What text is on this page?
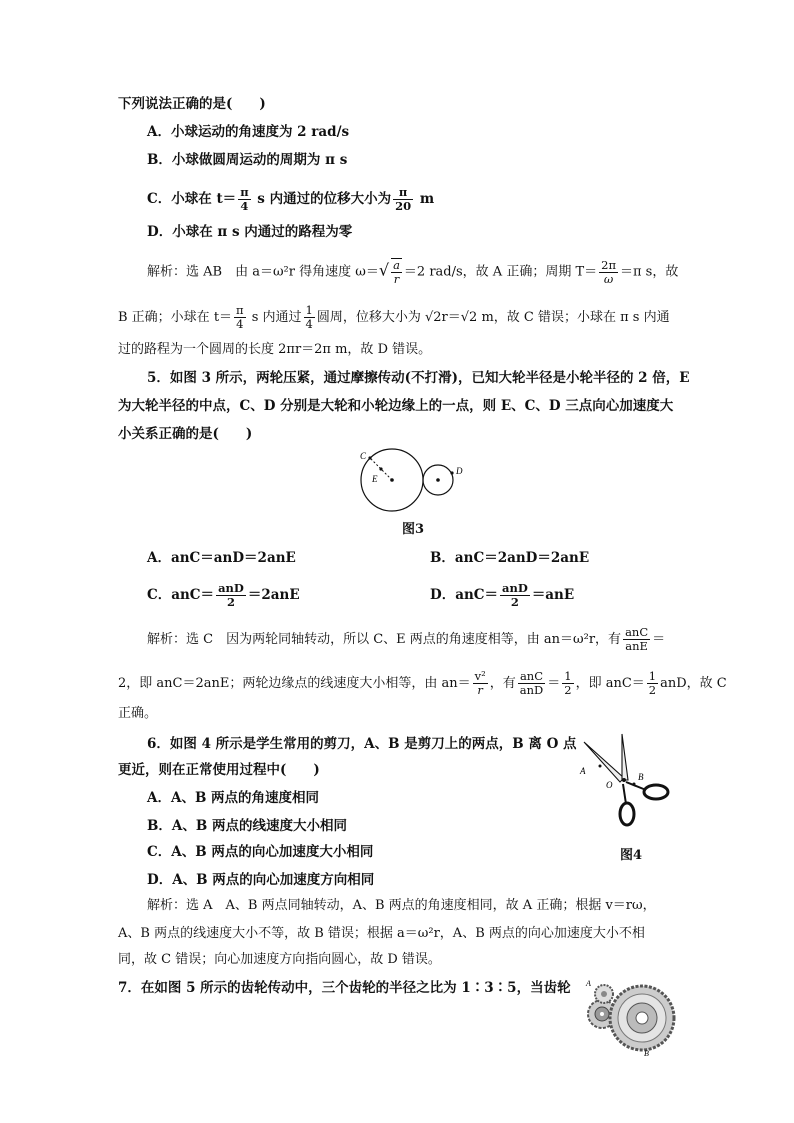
下列说法正确的是(　　)
A．小球运动的角速度为 2 rad/s
B．小球做圆周运动的周期为 π s
C．小球在 $t= \frac{\pi}{4}$ s 内通过的位移大小为 $\frac{\pi}{20}$ m
D．小球在 π s 内通过的路程为零
解析：选 AB　由 a＝ω²r 得角速度 $\omega=√ \frac{a}{r} =2$ rad/s，故 A 正确；周期 $T= \frac{2\pi}{\omega} =\pi$ s，故
B 正确；小球在 $t= \frac{\pi}{4}$ s 内通过 $\frac{1}{4}$ 圆周，位移大小为 √2r＝√2 m，故 C 错误；小球在 π s 内通
过的路程为一个圆周的长度 2πr＝2π m，故 D 错误。
5．如图 3 所示，两轮压紧，通过摩擦传动(不打滑)，已知大轮半径是小轮半径的 2 倍，E
为大轮半径的中点，C、D 分别是大轮和小轮边缘上的一点，则 E、C、D 三点向心加速度大
小关系正确的是(　　)
C
E
D
图3
A．anC＝anD＝2anE	B．anC＝2anD＝2anE
C．$anC= \frac{\text{anD}}{2} =2anE$	D．$anC= \frac{\text{anD}}{2} =anE$
解析：选 C　因为两轮同轴转动，所以 C、E 两点的角速度相等，由 an＝ω²r，有 $\frac{\text{anC}}{\text{anE}}$ ＝
2，即 anC＝2anE；两轮边缘点的线速度大小相等，由 $an= \frac{\text{v²}}{r}$ ，有 $\frac{\text{anC}}{\text{anD}} = \frac{1}{2}$ ，即 $anC= \frac{1}{2}$ anD，故 C
正确。
6．如图 4 所示是学生常用的剪刀，A、B 是剪刀上的两点，B 离 O 点
更近，则在正常使用过程中(　　)
A．A、B 两点的角速度相同
B．A、B 两点的线速度大小相同
C．A、B 两点的向心加速度大小相同
D．A、B 两点的向心加速度方向相同
A
O
B
图4
解析：选 A　A、B 两点同轴转动，A、B 两点的角速度相同，故 A 正确；根据 v＝rω，
A、B 两点的线速度大小不等，故 B 错误；根据 a＝ω²r，A、B 两点的向心加速度大小不相
同，故 C 错误；向心加速度方向指向圆心，故 D 错误。
7．在如图 5 所示的齿轮传动中，三个齿轮的半径之比为 1∶3∶5，当齿轮 A
B
